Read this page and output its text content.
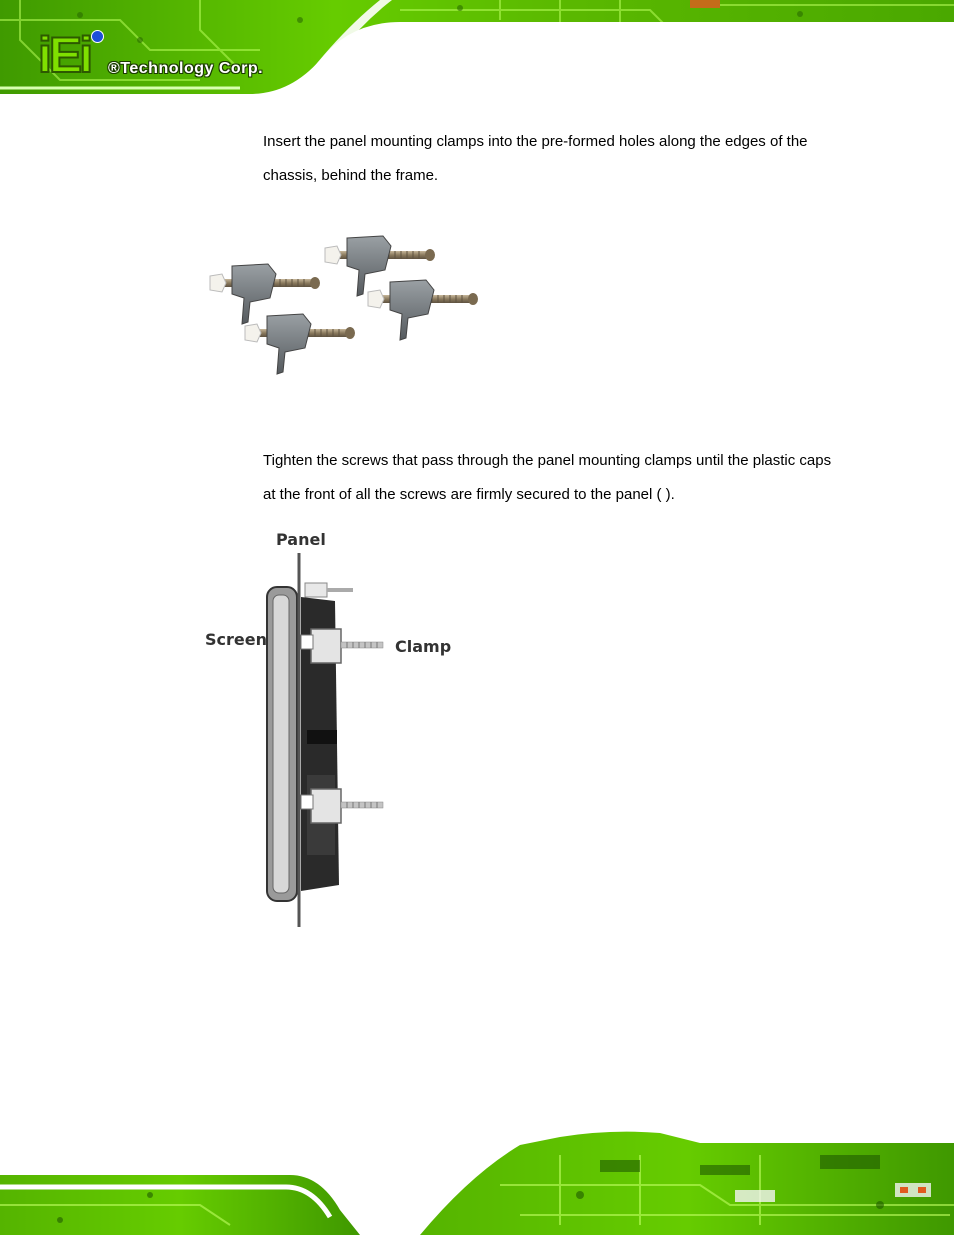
iEi ®Technology Corp.

Insert the panel mounting clamps into the pre-formed holes along the edges of the chassis, behind the frame.

Tighten the screws that pass through the panel mounting clamps until the plastic caps at the front of all the screws are firmly secured to the panel ( ).

Panel
Screen	Clamp
